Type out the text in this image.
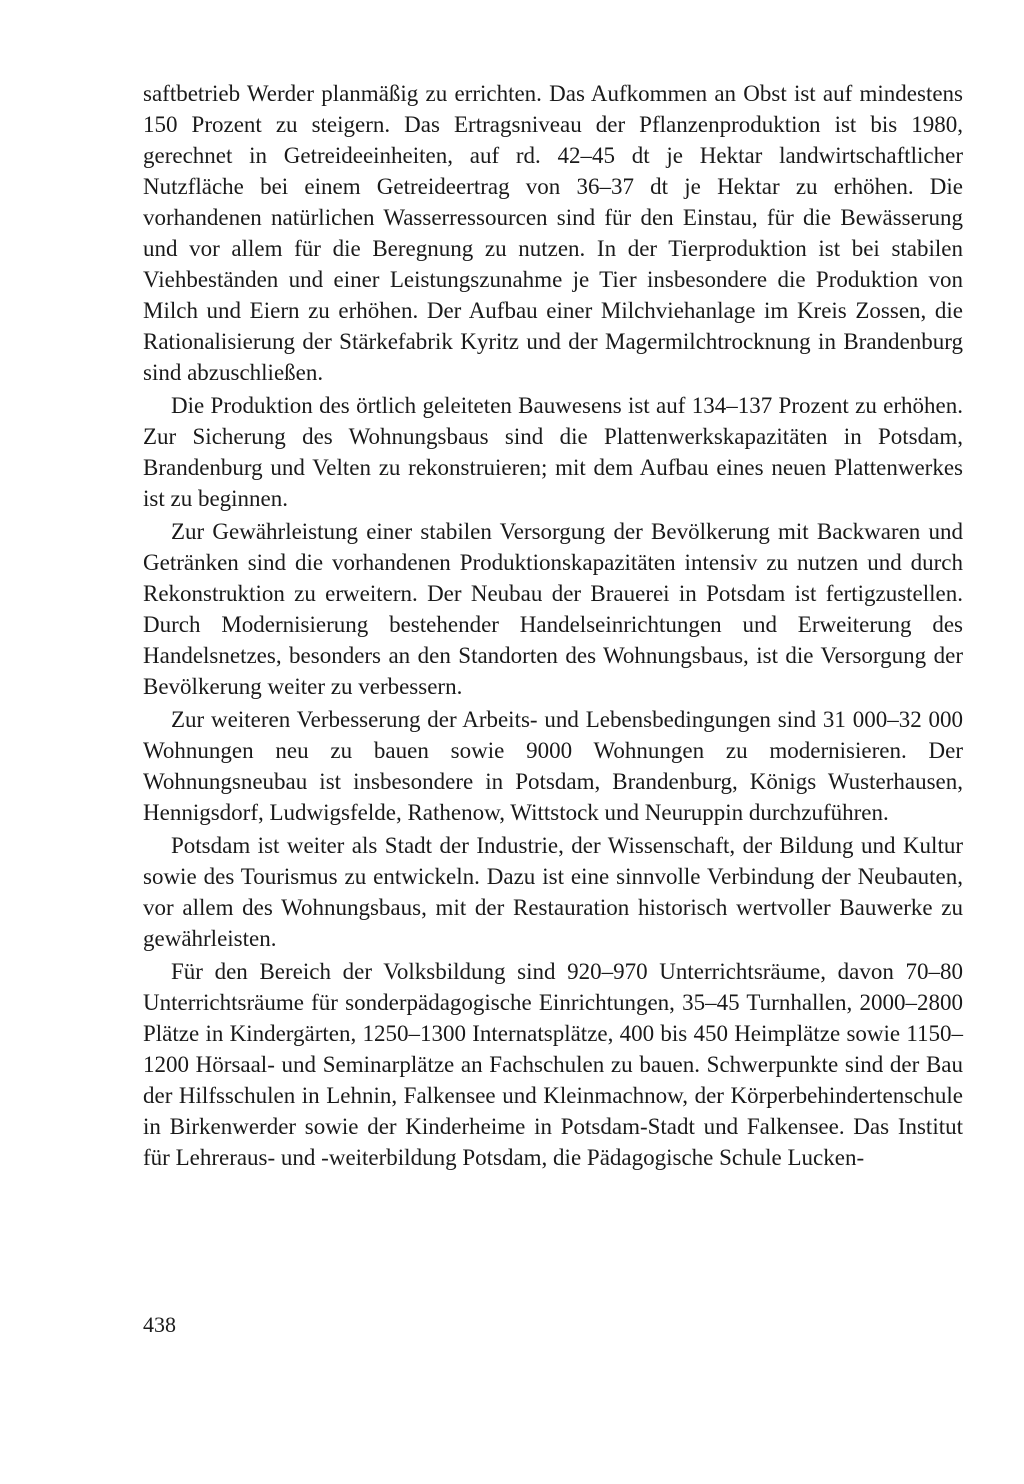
saftbetrieb Werder planmäßig zu errichten. Das Aufkommen an Obst ist auf mindestens 150 Prozent zu steigern. Das Ertragsniveau der Pflanzenproduktion ist bis 1980, gerechnet in Getreideeinheiten, auf rd. 42–45 dt je Hektar landwirtschaftlicher Nutzfläche bei einem Getreideertrag von 36–37 dt je Hektar zu erhöhen. Die vorhandenen natürlichen Wasserressourcen sind für den Einstau, für die Bewässerung und vor allem für die Beregnung zu nutzen. In der Tierproduktion ist bei stabilen Viehbeständen und einer Leistungszunahme je Tier insbesondere die Produktion von Milch und Eiern zu erhöhen. Der Aufbau einer Milchviehanlage im Kreis Zossen, die Rationalisierung der Stärkefabrik Kyritz und der Magermilchtrocknung in Brandenburg sind abzuschließen.

Die Produktion des örtlich geleiteten Bauwesens ist auf 134–137 Prozent zu erhöhen. Zur Sicherung des Wohnungsbaus sind die Plattenwerkskapazitäten in Potsdam, Brandenburg und Velten zu rekonstruieren; mit dem Aufbau eines neuen Plattenwerkes ist zu beginnen.

Zur Gewährleistung einer stabilen Versorgung der Bevölkerung mit Backwaren und Getränken sind die vorhandenen Produktionskapazitäten intensiv zu nutzen und durch Rekonstruktion zu erweitern. Der Neubau der Brauerei in Potsdam ist fertigzustellen. Durch Modernisierung bestehender Handelseinrichtungen und Erweiterung des Handelsnetzes, besonders an den Standorten des Wohnungsbaus, ist die Versorgung der Bevölkerung weiter zu verbessern.

Zur weiteren Verbesserung der Arbeits- und Lebensbedingungen sind 31 000–32 000 Wohnungen neu zu bauen sowie 9000 Wohnungen zu modernisieren. Der Wohnungsneubau ist insbesondere in Potsdam, Brandenburg, Königs Wusterhausen, Hennigsdorf, Ludwigsfelde, Rathenow, Wittstock und Neuruppin durchzuführen.

Potsdam ist weiter als Stadt der Industrie, der Wissenschaft, der Bildung und Kultur sowie des Tourismus zu entwickeln. Dazu ist eine sinnvolle Verbindung der Neubauten, vor allem des Wohnungsbaus, mit der Restauration historisch wertvoller Bauwerke zu gewährleisten.

Für den Bereich der Volksbildung sind 920–970 Unterrichtsräume, davon 70–80 Unterrichtsräume für sonderpädagogische Einrichtungen, 35–45 Turnhallen, 2000–2800 Plätze in Kindergärten, 1250–1300 Internatsplätze, 400 bis 450 Heimplätze sowie 1150–1200 Hörsaal- und Seminarplätze an Fachschulen zu bauen. Schwerpunkte sind der Bau der Hilfsschulen in Lehnin, Falkensee und Kleinmachnow, der Körperbehindertenschule in Birkenwerder sowie der Kinderheime in Potsdam-Stadt und Falkensee. Das Institut für Lehreraus- und -weiterbildung Potsdam, die Pädagogische Schule Lucken-

438
